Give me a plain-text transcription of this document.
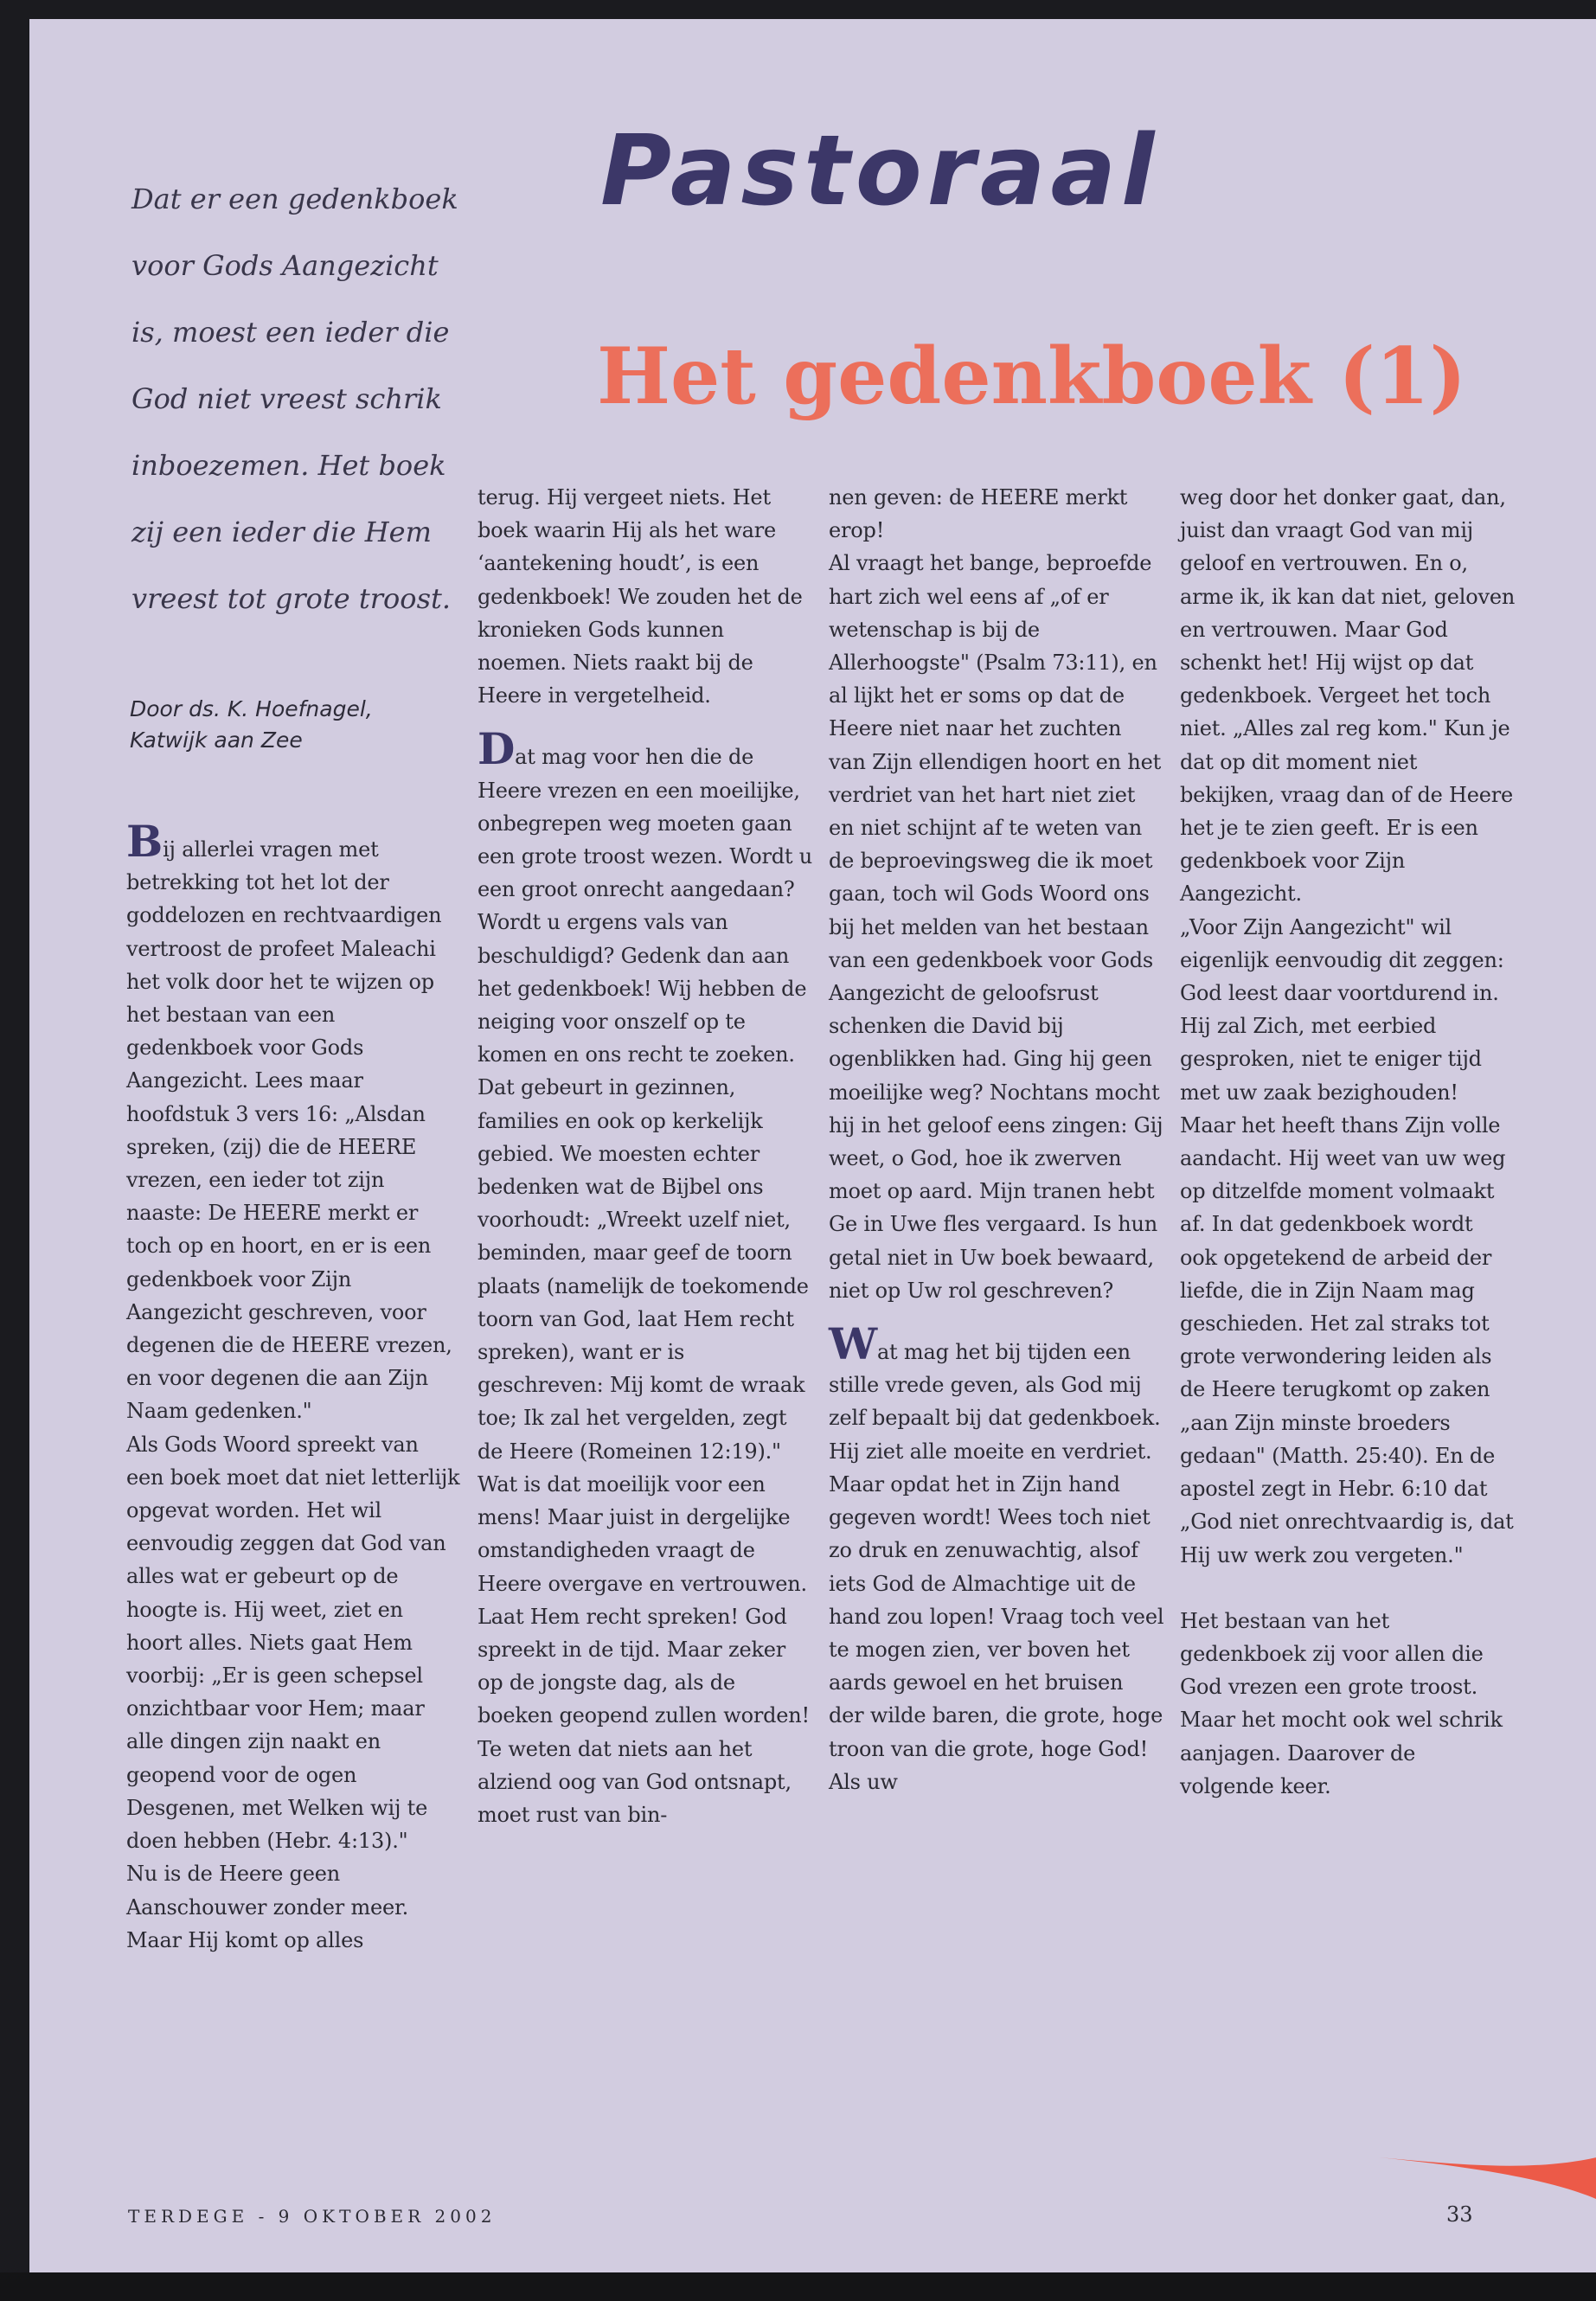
Pastoraal
Het gedenkboek (1)
Dat er een gedenkboek
voor Gods Aangezicht
is, moest een ieder die
God niet vreest schrik
inboezemen. Het boek
zij een ieder die Hem
vreest tot grote troost.
Door ds. K. Hoefnagel,
Katwijk aan Zee

Bij allerlei vragen met betrekking tot het lot der goddelozen en rechtvaardigen vertroost de profeet Maleachi het volk door het te wijzen op het bestaan van een gedenkboek voor Gods Aangezicht. Lees maar hoofdstuk 3 vers 16: „Alsdan spreken, (zij) die de HEERE vrezen, een ieder tot zijn naaste: De HEERE merkt er toch op en hoort, en er is een gedenkboek voor Zijn Aangezicht geschreven, voor degenen die de HEERE vrezen, en voor degenen die aan Zijn Naam gedenken."

Als Gods Woord spreekt van een boek moet dat niet letterlijk opgevat worden. Het wil eenvoudig zeggen dat God van alles wat er gebeurt op de hoogte is. Hij weet, ziet en hoort alles. Niets gaat Hem voorbij: „Er is geen schepsel onzichtbaar voor Hem; maar alle dingen zijn naakt en geopend voor de ogen Desgenen, met Welken wij te doen hebben (Hebr. 4:13)."

Nu is de Heere geen Aanschouwer zonder meer. Maar Hij komt op alles

terug. Hij vergeet niets. Het boek waarin Hij als het ware ‘aantekening houdt’, is een gedenkboek! We zouden het de kronieken Gods kunnen noemen. Niets raakt bij de Heere in vergetelheid.

Dat mag voor hen die de Heere vrezen en een moeilijke, onbegrepen weg moeten gaan een grote troost wezen. Wordt u een groot onrecht aangedaan? Wordt u ergens vals van beschuldigd? Gedenk dan aan het gedenkboek! Wij hebben de neiging voor onszelf op te komen en ons recht te zoeken. Dat gebeurt in gezinnen, families en ook op kerkelijk gebied. We moesten echter bedenken wat de Bijbel ons voorhoudt: „Wreekt uzelf niet, beminden, maar geef de toorn plaats (namelijk de toekomende toorn van God, laat Hem recht spreken), want er is geschreven: Mij komt de wraak toe; Ik zal het vergelden, zegt de Heere (Romeinen 12:19)."

Wat is dat moeilijk voor een mens! Maar juist in dergelijke omstandigheden vraagt de Heere overgave en vertrouwen. Laat Hem recht spreken! God spreekt in de tijd. Maar zeker op de jongste dag, als de boeken geopend zullen worden! Te weten dat niets aan het alziend oog van God ontsnapt, moet rust van bin-

nen geven: de HEERE merkt erop!

Al vraagt het bange, beproefde hart zich wel eens af „of er wetenschap is bij de Allerhoogste" (Psalm 73:11), en al lijkt het er soms op dat de Heere niet naar het zuchten van Zijn ellendigen hoort en het verdriet van het hart niet ziet en niet schijnt af te weten van de beproevingsweg die ik moet gaan, toch wil Gods Woord ons bij het melden van het bestaan van een gedenkboek voor Gods Aangezicht de geloofsrust schenken die David bij ogenblikken had. Ging hij geen moeilijke weg? Nochtans mocht hij in het geloof eens zingen: Gij weet, o God, hoe ik zwerven moet op aard. Mijn tranen hebt Ge in Uwe fles vergaard. Is hun getal niet in Uw boek bewaard, niet op Uw rol geschreven?

Wat mag het bij tijden een stille vrede geven, als God mij zelf bepaalt bij dat gedenkboek. Hij ziet alle moeite en verdriet. Maar opdat het in Zijn hand gegeven wordt! Wees toch niet zo druk en zenuwachtig, alsof iets God de Almachtige uit de hand zou lopen! Vraag toch veel te mogen zien, ver boven het aards gewoel en het bruisen der wilde baren, die grote, hoge troon van die grote, hoge God! Als uw

weg door het donker gaat, dan, juist dan vraagt God van mij geloof en vertrouwen. En o, arme ik, ik kan dat niet, geloven en vertrouwen. Maar God schenkt het! Hij wijst op dat gedenkboek. Vergeet het toch niet. „Alles zal reg kom." Kun je dat op dit moment niet bekijken, vraag dan of de Heere het je te zien geeft. Er is een gedenkboek voor Zijn Aangezicht.

„Voor Zijn Aangezicht" wil eigenlijk eenvoudig dit zeggen: God leest daar voortdurend in. Hij zal Zich, met eerbied gesproken, niet te eniger tijd met uw zaak bezighouden! Maar het heeft thans Zijn volle aandacht. Hij weet van uw weg op ditzelfde moment volmaakt af. In dat gedenkboek wordt ook opgetekend de arbeid der liefde, die in Zijn Naam mag geschieden. Het zal straks tot grote verwondering leiden als de Heere terugkomt op zaken „aan Zijn minste broeders gedaan" (Matth. 25:40). En de apostel zegt in Hebr. 6:10 dat „God niet onrechtvaardig is, dat Hij uw werk zou vergeten."

Het bestaan van het gedenkboek zij voor allen die God vrezen een grote troost. Maar het mocht ook wel schrik aanjagen. Daarover de volgende keer.

TERDEGE - 9 OKTOBER 2002	33
